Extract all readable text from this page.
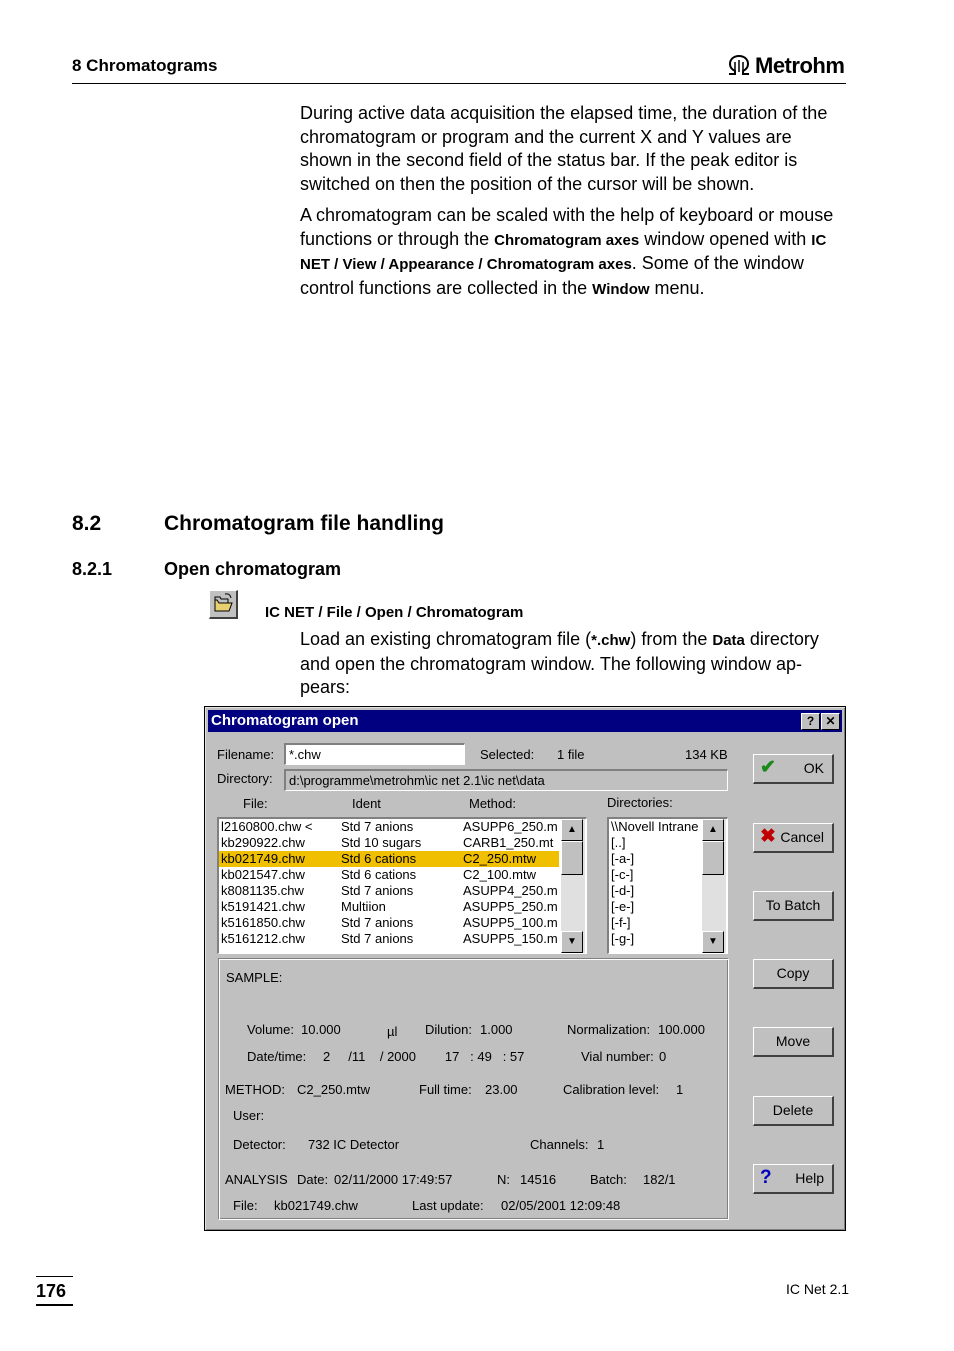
8 Chromatograms	Metrohm
During active data acquisition the elapsed time, the duration of the chromatogram or program and the current X and Y values are shown in the second field of the status bar. If the peak editor is switched on then the position of the cursor will be shown.
A chromatogram can be scaled with the help of keyboard or mouse functions or through the Chromatogram axes window opened with IC NET / View / Appearance / Chromatogram axes. Some of the window control functions are collected in the Window menu.
8.2	Chromatogram file handling
8.2.1	Open chromatogram
IC NET / File / Open / Chromatogram
Load an existing chromatogram file (*.chw) from the Data directory and open the chromatogram window. The following window ap-pears:
Chromatogram open	? ✕
Filename:	*.chw	Selected: 1 file	134 KB
Directory:	d:\programme\metrohm\ic net 2.1\ic net\data
File:	Ident	Method:	Directories:
l2160800.chw < Std 7 anions	ASUPP6_250.m
kb290922.chw	Std 10 sugars	CARB1_250.mt
kb021749.chw	Std 6 cations	C2_250.mtw
kb021547.chw	Std 6 cations	C2_100.mtw
k8081135.chw	Std 7 anions	ASUPP4_250.m
k5191421.chw	Multiion	ASUPP5_250.m
k5161850.chw	Std 7 anions	ASUPP5_100.m
k5161212.chw	Std 7 anions	ASUPP5_150.m
▲
▼
\\Novell Intrane
[..]
[-a-]
[-c-]
[-d-]
[-e-]
[-f-]
[-g-]
▲
▼
SAMPLE:
Volume: 10.000	µl Dilution: 1.000	Normalization: 100.000
Date/time: 2     /11    / 2000        17   : 49   : 57	Vial number: 0
METHOD: C2_250.mtw	Full time: 23.00	Calibration level: 1
User:
Detector: 732 IC Detector	Channels: 1
ANALYSIS Date: 02/11/2000 17:49:57	N: 14516	Batch: 182/1
File: kb021749.chw	Last update: 02/05/2001 12:09:48
✔ OK
✖ Cancel
To Batch
Copy
Move
Delete
? Help
176	IC Net 2.1
